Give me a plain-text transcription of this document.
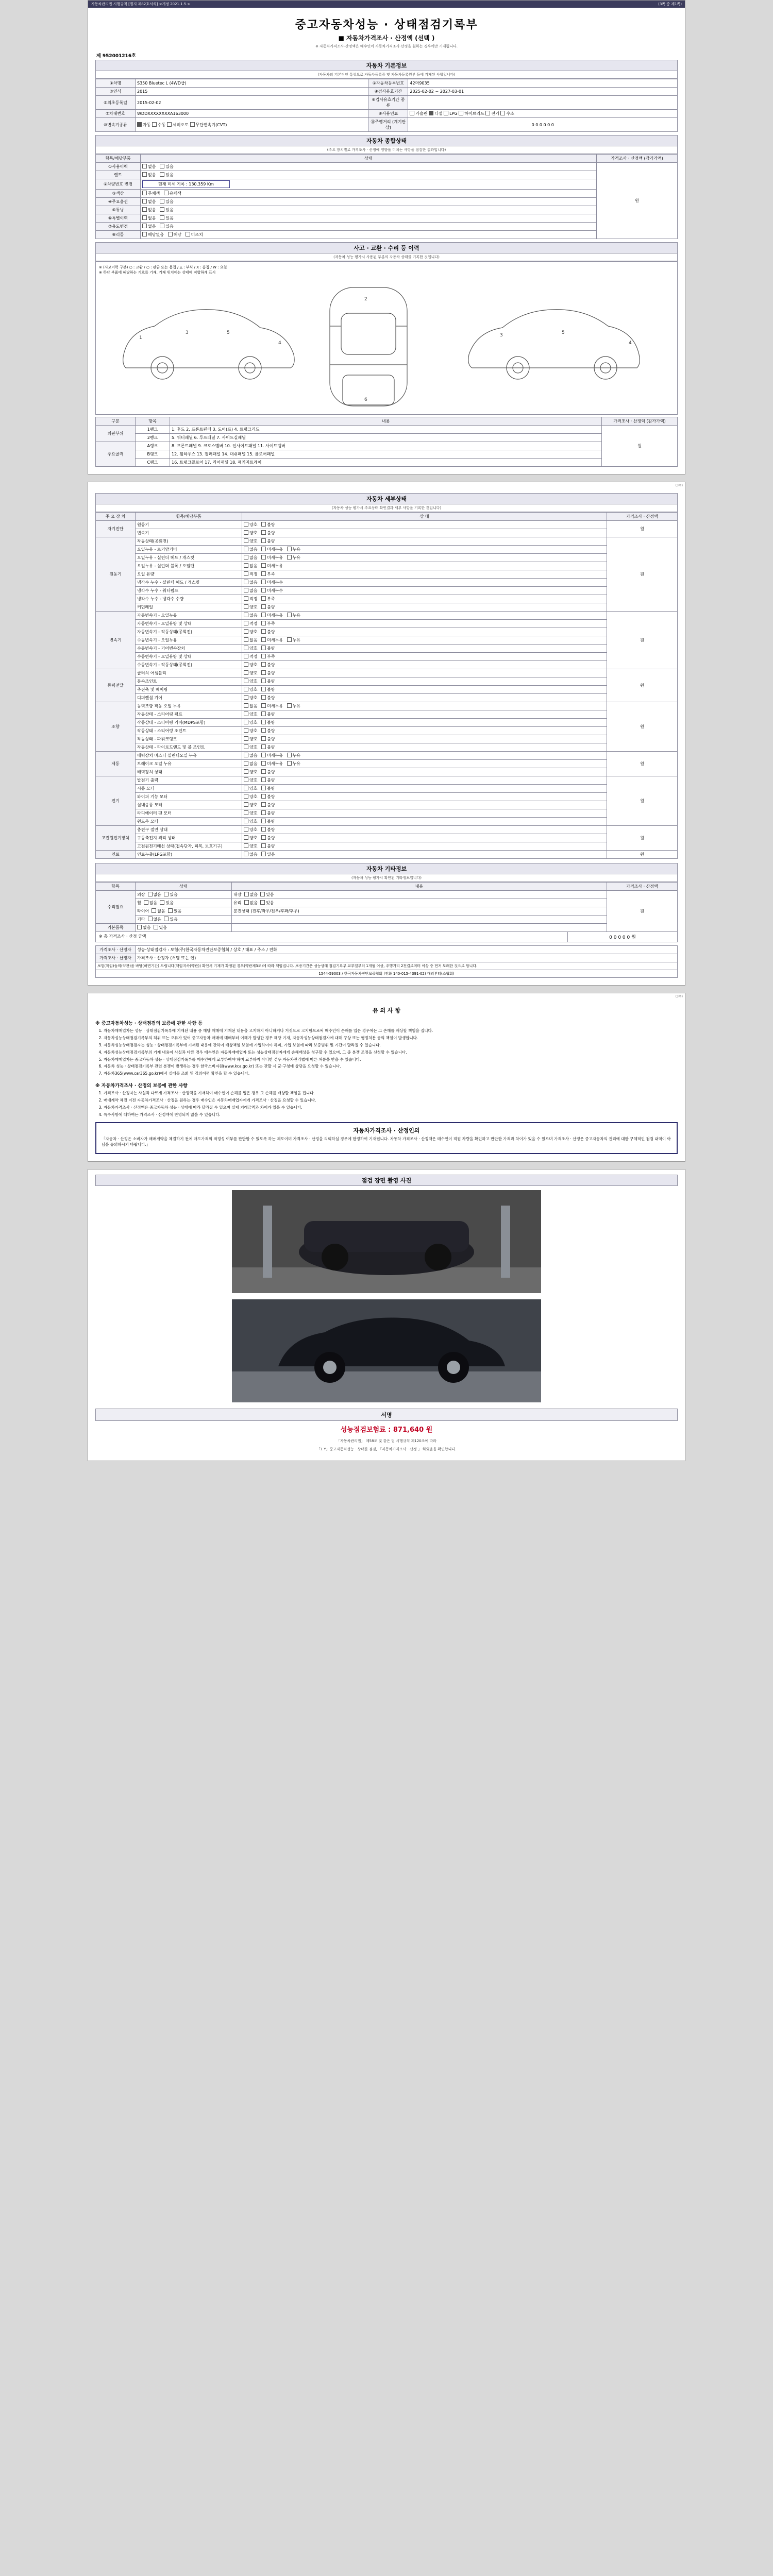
자동차관리법 시행규칙 [별지 제82호서식] <개정 2021.1.5.>	(3쪽 중 제1쪽)
중고자동차성능 · 상태점검기록부
■ 자동차가격조사 · 산정액 (선택 )
※ 자동차가격조사·산정액은 매수인이 자동차가격조사·산정을 원하는 경우에만 기재됩니다.
제 952001216호
자동차 기본정보
(자동차의 기본적인 특성으로 자동차등록증 및 자동차등록원부 등에 기재된 사항입니다)
①차명	S350 Bluetec L (4WD급)	②자동차등록번호	42머9035
③연식	2015	④검사유효기간	2025-02-02 ~ 2027-03-01
⑤최초등록일	2015-02-02	⑥검사유효기간 종류	
⑦차대번호	WDDXXXXXXXXA163000	⑧사용연료	가솔린 디젤 LPG 하이브리드 전기 수소
⑩변속기종류	자동 수동 세미오토 무단변속기(CVT)	⑪주행거리 (계기판상)	0 0 0 0 0 0
자동차 종합상태
(주요 장치별로 가격조사 · 산정에 영향을 미치는 사항을 점검한 결과입니다)
항목/해당부품	상태	가격조사 · 산정액 (감가가액)
①사용이력	없음 있음	원
렌트	없음 있음	
②차량번호 변경	현재 미세 기록 : 130,359 Km	
③색상	무채색 유채색	
④주요옵션	없음 있음	
⑤튜닝	없음 있음	
⑥특별이력	없음 있음	
⑦용도변경	없음 있음	
⑧리콜	해당없음 해당 미조치	
사고 · 교환 · 수리 등 이력
(자동차 성능 평가시 사용된 부분의 자동차 상태를 기록한 것입니다)
※ (사고이력 구분) ○ : 교환 / ○ : 판금 또는 용접 / △ : 부식 / X : 흠집 / W : 요철
※ 하단 부품에 해당하는 기호를 기재, 기재 위치에는 상태에 적합하게 표시
1
3	5
4
2
6
3	5
4
구분	항목	내용	가격조사 · 산정액 (감가가액)
외판부위	1랭크	1. 후드 2. 프론트펜더 3. 도어(프) 4. 트렁크리드	원
	2랭크	5. 쿼터패널 6. 루프패널 7. 사이드실패널	
주요골격	A랭크	8. 프론트패널 9. 크로스멤버 10. 인사이드패널 11. 사이드멤버	
	B랭크	12. 휠하우스 13. 필러패널 14. 대쉬패널 15. 플로어패널	
	C랭크	16. 트렁크플로어 17. 리어패널 18. 패키지트레이	
(3쪽)
자동차 세부상태
(자동차 성능 평가시 주요상태 확인결과 세부 사항을 기록한 것입니다)
주 요 장 치	항목/해당부품	상 태	가격조사 · 산정액
자기진단	원동기	양호 불량	원
	변속기	양호 불량	
원동기	작동상태(공회전)	양호 불량	원
	오일누유 - 로커암커버	없음 미세누유 누유	
	오일누유 - 실린더 헤드 / 개스킷	없음 미세누유 누유	
	오일누유 - 실린더 블록 / 오일팬	없음 미세누유	
	오일 유량	적정 부족	
	냉각수 누수 - 실린더 헤드 / 개스킷	없음 미세누수	
	냉각수 누수 - 워터펌프	없음 미세누수	
	냉각수 누수 - 냉각수 수량	적정 부족	
	커먼레일	양호 불량	
변속기	자동변속기 - 오일누유	없음 미세누유 누유	원
	자동변속기 - 오일유량 및 상태	적정 부족	
	자동변속기 - 작동상태(공회전)	양호 불량	
	수동변속기 - 오일누유	없음 미세누유 누유	
	수동변속기 - 기어변속장치	양호 불량	
	수동변속기 - 오일유량 및 상태	적정 부족	
	수동변속기 - 작동상태(공회전)	양호 불량	
동력전달	클러치 어셈블리	양호 불량	원
	등속조인트	양호 불량	
	추진축 및 베어링	양호 불량	
	디퍼렌셜 기어	양호 불량	
조향	동력조향 작동 오일 누유	없음 미세누유 누유	원
	작동상태 - 스티어링 펌프	양호 불량	
	작동상태 - 스티어링 기어(MDPS포함)	양호 불량	
	작동상태 - 스티어링 조인트	양호 불량	
	작동상태 - 파워크랭크	양호 불량	
	작동상태 - 타이로드엔드 및 볼 조인트	양호 불량	
제동	배력장치 마스터 실린더오일 누유	없음 미세누유 누유	원
	브레이크 오일 누유	없음 미세누유 누유	
	배력장치 상태	양호 불량	
전기	발전기 출력	양호 불량	원
	시동 모터	양호 불량	
	와이퍼 기능 모터	양호 불량	
	실내송풍 모터	양호 불량	
	라디에이터 팬 모터	양호 불량	
	윈도우 모터	양호 불량	
고전원전기장치	충전구 절연 상태	양호 불량	원
	구동축전지 격리 상태	양호 불량	
	고전원전기배선 상태(접속단자, 피복, 보호기구)	양호 불량	
연료	연료누출(LPG포함)	없음 있음	원
자동차 기타정보
(자동차 성능 평가시 확인된 기타정보입니다)
항목	상태	내용	가격조사 · 산정액
수리필요	외장 없음 있음	내장 없음 있음	원
	휠 없음 있음	유리 없음 있음	
	타이어 없음 있음	분진상태 (전후/좌우/전우/후좌/후우)	
	기타 없음 있음		
기본품목	없음 있음		
※ 총 가격조사 · 산정 금액	0 0 0 0 0 원
가격조사 · 산정자	성능·상태점검자 : 보험(주)한국자동차진단보증협회 / 상호 / 대표 / 주소 / 전화
가격조사 · 산정자	가격조사 · 산정자 (서명 또는 인)
보험(책임)들의(약관)을 바탕(하면기간) 드립니다(책임지속(약관)) 확인서 기재가 확정된 경우(약관제3조)에 따라 책임집니다. 보증기간은 성능상태 점검기록부 교부일부터 1개월 이상, 주행거리 2천킬로미터 이상 중 먼저 도래한 것으로 합니다.	
1544-59003 / 한국자동차진단보증협회 (전화 140-015-4391-02) 대리부터(소협회)	
(3쪽)
유 의 사 항
※ 중고자동차성능 · 상태점검의 보증에 관한 사항 등
1. 자동차매매업자는 성능 · 상태점검기록부에 기재된 내용 중 해당 매매에 기재된 내용을 고지하지 아니하거나 거짓으로 고지함으로써 매수인이 손해를 입은 경우에는 그 손해를 배상할 책임을 집니다.
2. 자동차성능상태점검기록부의 허위 또는 오류가 있어 중고자동차 매매에 매매부터 이해가 발생한 경우 해당 기재, 자동차성능상태점검자에 대해 구상 또는 행정처분 등의 책임이 발생합니다.
3. 자동차성능상태점검자는 성능 · 상태점검기록부에 기재된 내용에 관하여 배상책임 보험에 가입하여야 하며, 가입 보험에 따라 보증범위 및 기간이 달라질 수 있습니다.
4. 자동차성능상태점검기록부의 기재 내용이 사실과 다른 경우 매수인은 자동차매매업자 또는 성능상태점검자에게 손해배상을 청구할 수 있으며, 그 중 분쟁 조정을 신청할 수 있습니다.
5. 자동차매매업자는 중고자동차 성능 · 상태점검기록부를 매수인에게 교부하여야 하며 교부하지 아니한 경우 자동차관리법에 따른 처분을 받을 수 있습니다.
6. 자동차 성능 · 상태점검기록부 관련 분쟁이 발생하는 경우 한국소비자원(www.kca.go.kr) 또는 관할 시·군·구청에 상담을 요청할 수 있습니다.
7. 자동차365(www.car365.go.kr)에서 실매물 조회 및 강의이력 확인을 할 수 있습니다.
※ 자동차가격조사 · 산정의 보증에 관한 사항
1. 가격조사 · 산정자는 사실과 다르게 가격조사 · 산정액을 기재하여 매수인이 손해를 입은 경우 그 손해를 배상할 책임을 집니다.
2. 매매계약 체결 이전 자동차가격조사 · 산정을 원하는 경우 매수인은 자동차매매업자에게 가격조사 · 산정을 요청할 수 있습니다.
3. 자동차가격조사 · 산정액은 중고자동차 성능 · 상태에 따라 달라질 수 있으며 실제 거래금액과 차이가 있을 수 있습니다.
4. 특수사항에 대하여는 가격조사 · 산정액에 반영되지 않을 수 있습니다.
자동차가격조사 · 산정인의
「자동차 · 산정은 소비자가 매매계약을 체결하기 전에 매도가격의 적정성 여부를 판단할 수 있도록 하는 제도이며 가격조사 · 산정을 의뢰하실 경우에 한정하여 기재됩니다. 자동차 가격조사 · 산정액은 매수인이 직접 차량을 확인하고 판단한 가격과 차이가 있을 수 있으며 가격조사 · 산정은 중고자동차의 권리에 대한 구체적인 점검 내역이 아님을 유의하시기 바랍니다.」
점검 장면 촬영 사진
서명
성능점검보험료 : 871,640 원
「자동차관리법」 제58조 및 같은 법 시행규칙 제120조에 따라
「1 Y」중고자동차성능 · 상태를 점검, 「자동차가격조사 · 산정 」 하였음을 확인합니다.
